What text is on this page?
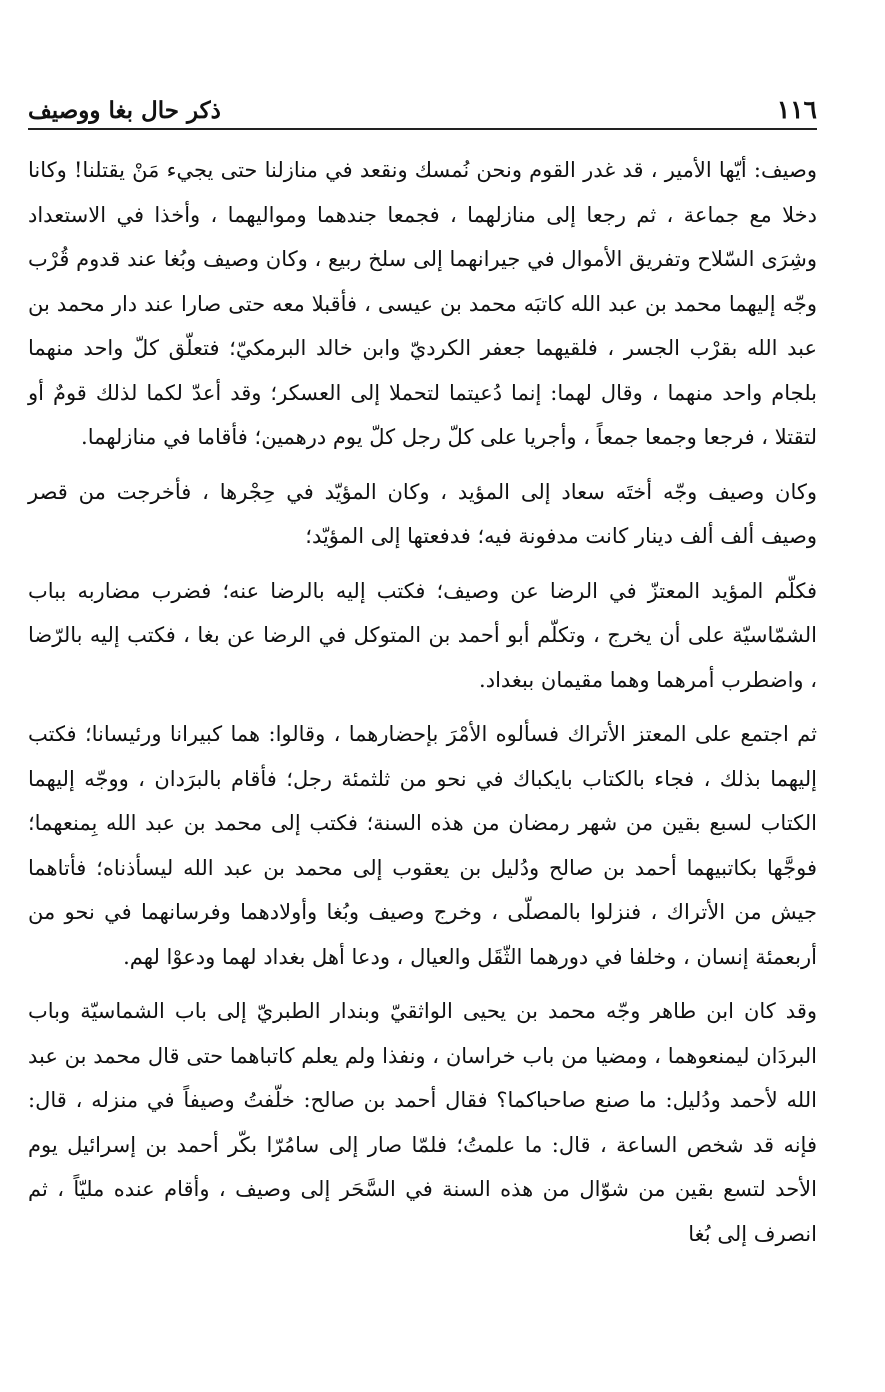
١١٦
ذكر حال بغا ووصيف

وصيف: أيّها الأمير ، قد غدر القوم ونحن نُمسك ونقعد في منازلنا حتى يجيء مَنْ يقتلنا! وكانا دخلا مع جماعة ، ثم رجعا إلى منازلهما ، فجمعا جندهما ومواليهما ، وأخذا في الاستعداد وشِرَى السّلاح وتفريق الأموال في جيرانهما إلى سلخ ربيع ، وكان وصيف وبُغا عند قدوم قُرْب وجّه إليهما محمد بن عبد الله كاتبَه محمد بن عيسى ، فأقبلا معه حتى صارا عند دار محمد بن عبد الله بقرْب الجسر ، فلقيهما جعفر الكرديّ وابن خالد البرمكيّ؛ فتعلّق كلّ واحد منهما بلجام واحد منهما ، وقال لهما: إنما دُعيتما لتحملا إلى العسكر؛ وقد أعدّ لكما لذلك قومٌ أو لتقتلا ، فرجعا وجمعا جمعاً ، وأجريا على كلّ رجل كلّ يوم درهمين؛ فأقاما في منازلهما.

وكان وصيف وجّه أختَه سعاد إلى المؤيد ، وكان المؤيّد في حِجْرها ، فأخرجت من قصر وصيف ألف ألف دينار كانت مدفونة فيه؛ فدفعتها إلى المؤيّد؛

فكلّم المؤيد المعتزّ في الرضا عن وصيف؛ فكتب إليه بالرضا عنه؛ فضرب مضاربه بباب الشمّاسيّة على أن يخرج ، وتكلّم أبو أحمد بن المتوكل في الرضا عن بغا ، فكتب إليه بالرّضا ، واضطرب أمرهما وهما مقيمان ببغداد.

ثم اجتمع على المعتز الأتراك فسألوه الأمْرَ بإحضارهما ، وقالوا: هما كبيرانا ورئيسانا؛ فكتب إليهما بذلك ، فجاء بالكتاب بايكباك في نحو من ثلثمئة رجل؛ فأقام بالبرَدان ، ووجّه إليهما الكتاب لسبع بقين من شهر رمضان من هذه السنة؛ فكتب إلى محمد بن عبد الله بِمنعهما؛ فوجَّها بكاتبيهما أحمد بن صالح ودُليل بن يعقوب إلى محمد بن عبد الله ليسأذناه؛ فأتاهما جيش من الأتراك ، فنزلوا بالمصلّى ، وخرج وصيف وبُغا وأولادهما وفرسانهما في نحو من أربعمئة إنسان ، وخلفا في دورهما الثّقَل والعيال ، ودعا أهل بغداد لهما ودعوْا لهم.

وقد كان ابن طاهر وجّه محمد بن يحيى الواثقيّ وبندار الطبريّ إلى باب الشماسيّة وباب البردَان ليمنعوهما ، ومضيا من باب خراسان ، ونفذا ولم يعلم كاتباهما حتى قال محمد بن عبد الله لأحمد ودُليل: ما صنع صاحباكما؟ فقال أحمد بن صالح: خلّفتُ وصيفاً في منزله ، قال: فإنه قد شخص الساعة ، قال: ما علمتُ؛ فلمّا صار إلى سامُرّا بكّر أحمد بن إسرائيل يوم الأحد لتسع بقين من شوّال من هذه السنة في السَّحَر إلى وصيف ، وأقام عنده مليّاً ، ثم انصرف إلى بُغا
